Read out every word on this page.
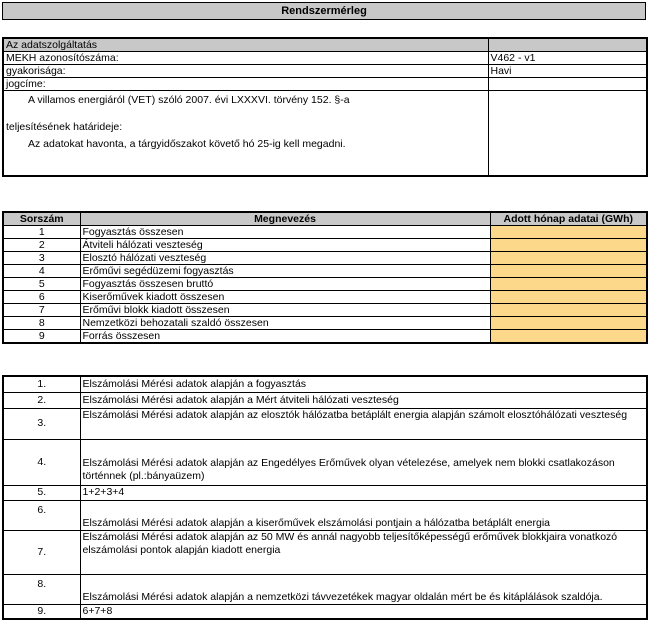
Rendszermérleg
Az adatszolgáltatás	
MEKH azonosítószáma:	V462 - v1
gyakorisága:	Havi
jogcíme:	

A villamos energiáról (VET) szóló 2007. évi LXXXVI. törvény 152. §-a
teljesítésének határideje:
Az adatokat havonta, a tárgyidőszakot követő hó 25-ig kell megadni.	

Sorszám	Megnevezés	Adott hónap adatai (GWh)
1	Fogyasztás összesen	
2	Átviteli hálózati veszteség	
3	Elosztó hálózati veszteség	
4	Erőművi segédüzemi fogyasztás	
5	Fogyasztás összesen bruttó	
6	Kiserőművek kiadott összesen	
7	Erőművi blokk kiadott összesen	
8	Nemzetközi behozatali szaldó összesen	
9	Forrás összesen	
1.	Elszámolási Mérési adatok alapján a fogyasztás
2.	Elszámolási Mérési adatok alapján a Mért átviteli hálózati veszteség
3.	Elszámolási Mérési adatok alapján az elosztók hálózatba betáplált energia alapján számolt elosztóhálózati veszteség
4.	Elszámolási Mérési adatok alapján az Engedélyes Erőművek olyan vételezése, amelyek nem blokki csatlakozáson történnek (pl.:bányaüzem)
5.	1+2+3+4
6.	Elszámolási Mérési adatok alapján a kiserőművek elszámolási pontjain a hálózatba betáplált energia
7.	Elszámolási Mérési adatok alapján az 50 MW és annál nagyobb teljesítőképességű erőművek blokkjaira vonatkozó elszámolási pontok alapján kiadott energia
8.	Elszámolási Mérési adatok alapján a nemzetközi távvezetékek magyar oldalán mért be és kitáplálások szaldója.
9.	6+7+8
